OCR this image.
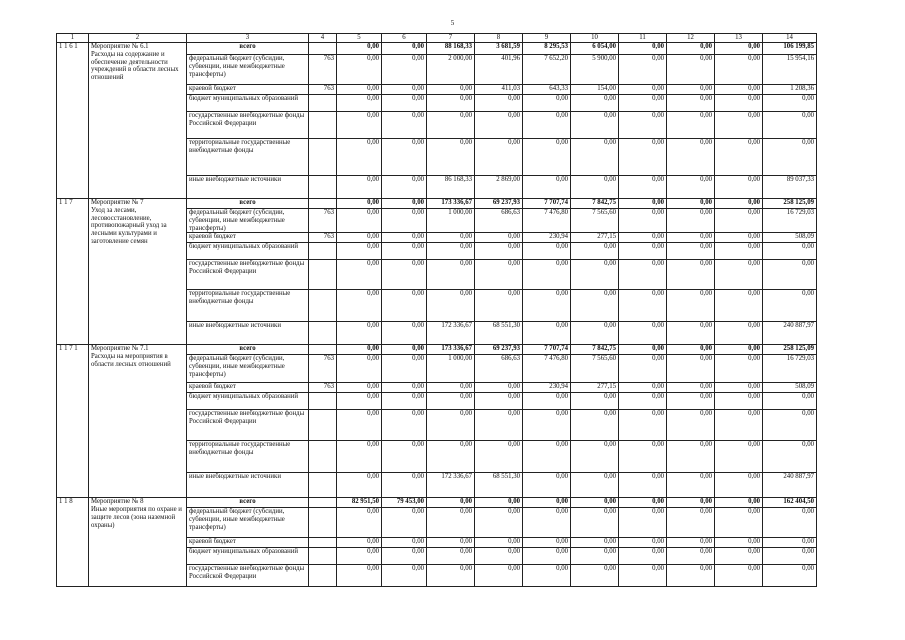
5
1	2	3	4	5	6	7	8	9	10	11	12	13	14
1 1 6 1	Мероприятие № 6.1
Расходы на содержание и обеспечение деятельности учреждений в области лесных отношений	всего		0,00	0,00	88 168,33	3 681,59	8 295,53	6 054,00	0,00	0,00	0,00	106 199,85
		федеральный бюджет (субсидии, субвенции, иные межбюджетные трансферты)	763	0,00	0,00	2 000,00	401,96	7 652,20	5 900,00	0,00	0,00	0,00	15 954,16
		краевой бюджет	763	0,00	0,00	0,00	411,03	643,33	154,00	0,00	0,00	0,00	1 208,36
		бюджет муниципальных образований		0,00	0,00	0,00	0,00	0,00	0,00	0,00	0,00	0,00	0,00
		государственные внебюджетные фонды Российской Федерации		0,00	0,00	0,00	0,00	0,00	0,00	0,00	0,00	0,00	0,00
		территориальные государственные внебюджетные фонды		0,00	0,00	0,00	0,00	0,00	0,00	0,00	0,00	0,00	0,00
		иные внебюджетные источники		0,00	0,00	86 168,33	2 869,00	0,00	0,00	0,00	0,00	0,00	89 037,33
1 1 7	Мероприятие № 7
Уход за лесами, лесовосстановление, противопожарный уход за лесными культурами и заготовление семян	всего		0,00	0,00	173 336,67	69 237,93	7 707,74	7 842,75	0,00	0,00	0,00	258 125,09
		федеральный бюджет (субсидии, субвенции, иные межбюджетные трансферты)	763	0,00	0,00	1 000,00	686,63	7 476,80	7 565,60	0,00	0,00	0,00	16 729,03
		краевой бюджет	763	0,00	0,00	0,00	0,00	230,94	277,15	0,00	0,00	0,00	508,09
		бюджет муниципальных образований		0,00	0,00	0,00	0,00	0,00	0,00	0,00	0,00	0,00	0,00
		государственные внебюджетные фонды Российской Федерации		0,00	0,00	0,00	0,00	0,00	0,00	0,00	0,00	0,00	0,00
		территориальные государственные внебюджетные фонды		0,00	0,00	0,00	0,00	0,00	0,00	0,00	0,00	0,00	0,00
		иные внебюджетные источники		0,00	0,00	172 336,67	68 551,30	0,00	0,00	0,00	0,00	0,00	240 887,97
1 1 7 1	Мероприятие № 7.1
Расходы на мероприятия в области лесных отношений	всего		0,00	0,00	173 336,67	69 237,93	7 707,74	7 842,75	0,00	0,00	0,00	258 125,09
		федеральный бюджет (субсидии, субвенции, иные межбюджетные трансферты)	763	0,00	0,00	1 000,00	686,63	7 476,80	7 565,60	0,00	0,00	0,00	16 729,03
		краевой бюджет	763	0,00	0,00	0,00	0,00	230,94	277,15	0,00	0,00	0,00	508,09
		бюджет муниципальных образований		0,00	0,00	0,00	0,00	0,00	0,00	0,00	0,00	0,00	0,00
		государственные внебюджетные фонды Российской Федерации		0,00	0,00	0,00	0,00	0,00	0,00	0,00	0,00	0,00	0,00
		территориальные государственные внебюджетные фонды		0,00	0,00	0,00	0,00	0,00	0,00	0,00	0,00	0,00	0,00
		иные внебюджетные источники		0,00	0,00	172 336,67	68 551,30	0,00	0,00	0,00	0,00	0,00	240 887,97
1 1 8	Мероприятие № 8
Иные мероприятия по охране и защите лесов (зона наземной охраны)	всего		82 951,50	79 453,00	0,00	0,00	0,00	0,00	0,00	0,00	0,00	162 404,50
		федеральный бюджет (субсидии, субвенции, иные межбюджетные трансферты)		0,00	0,00	0,00	0,00	0,00	0,00	0,00	0,00	0,00	0,00
		краевой бюджет		0,00	0,00	0,00	0,00	0,00	0,00	0,00	0,00	0,00	0,00
		бюджет муниципальных образований		0,00	0,00	0,00	0,00	0,00	0,00	0,00	0,00	0,00	0,00
		государственные внебюджетные фонды Российской Федерации		0,00	0,00	0,00	0,00	0,00	0,00	0,00	0,00	0,00	0,00
